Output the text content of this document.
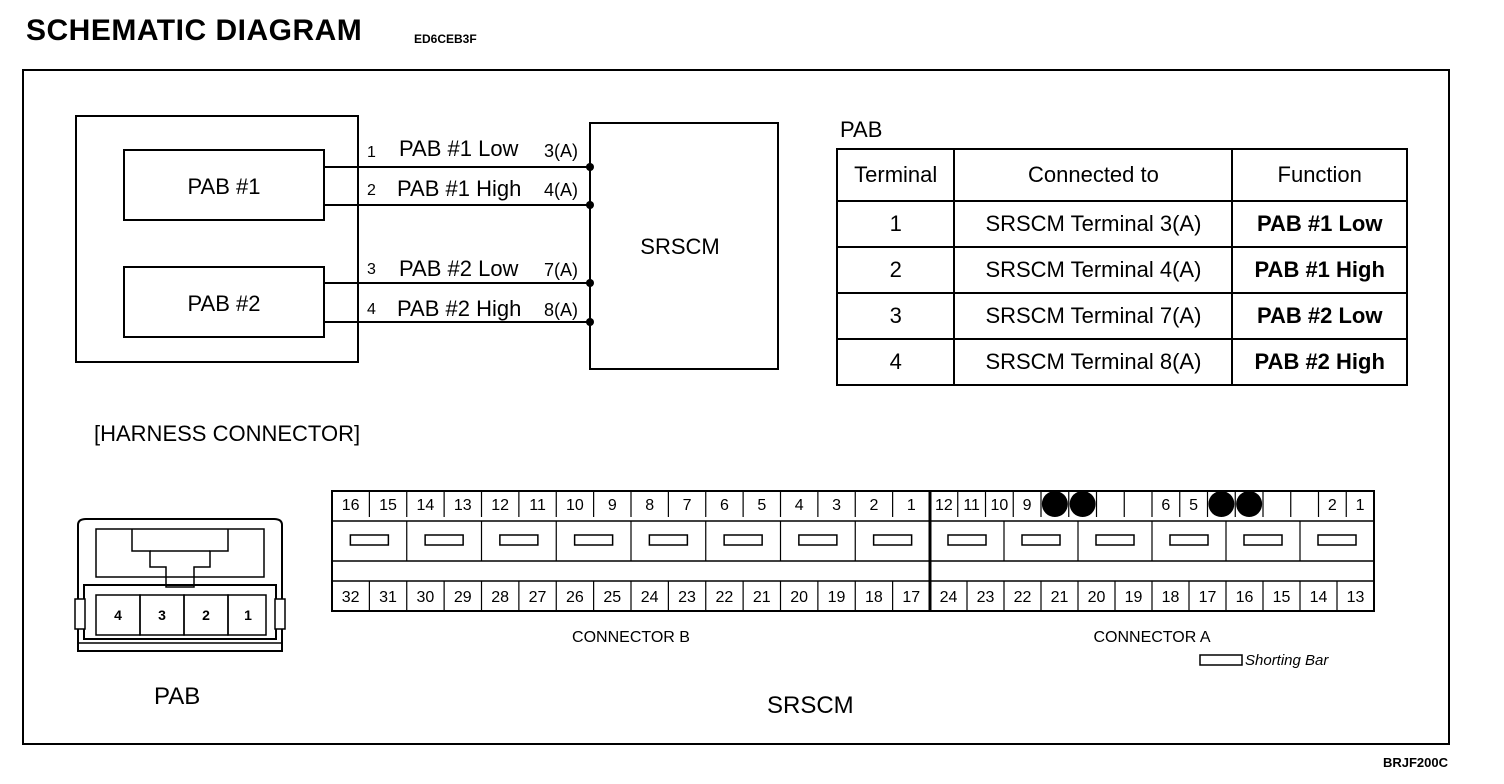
SCHEMATIC DIAGRAM	ED6CEB3F
BRJF200C
PAB #1
PAB #2
SRSCM
1 PAB #1 Low 3(A)
2 PAB #1 High 4(A)
3 PAB #2 Low 7(A)
4 PAB #2 High 8(A)
PAB
Terminal	Connected to	Function
1	SRSCM Terminal 3(A)	PAB #1 Low
2	SRSCM Terminal 4(A)	PAB #1 High
3	SRSCM Terminal 7(A)	PAB #2 Low
4	SRSCM Terminal 8(A)	PAB #2 High
[HARNESS CONNECTOR]
4	3	2 1
PAB
16 15 14 13 12 11 10 9 8 7 6 5 4 3 2 1
32 31 30 29 28 27 26 25 24 23 22 21 20 19 18 17
12 11 10 9	6 5	2 1
24 23 22 21 20 19 18 17 16 15 14 13
CONNECTOR B	CONNECTOR A
Shorting Bar
SRSCM
